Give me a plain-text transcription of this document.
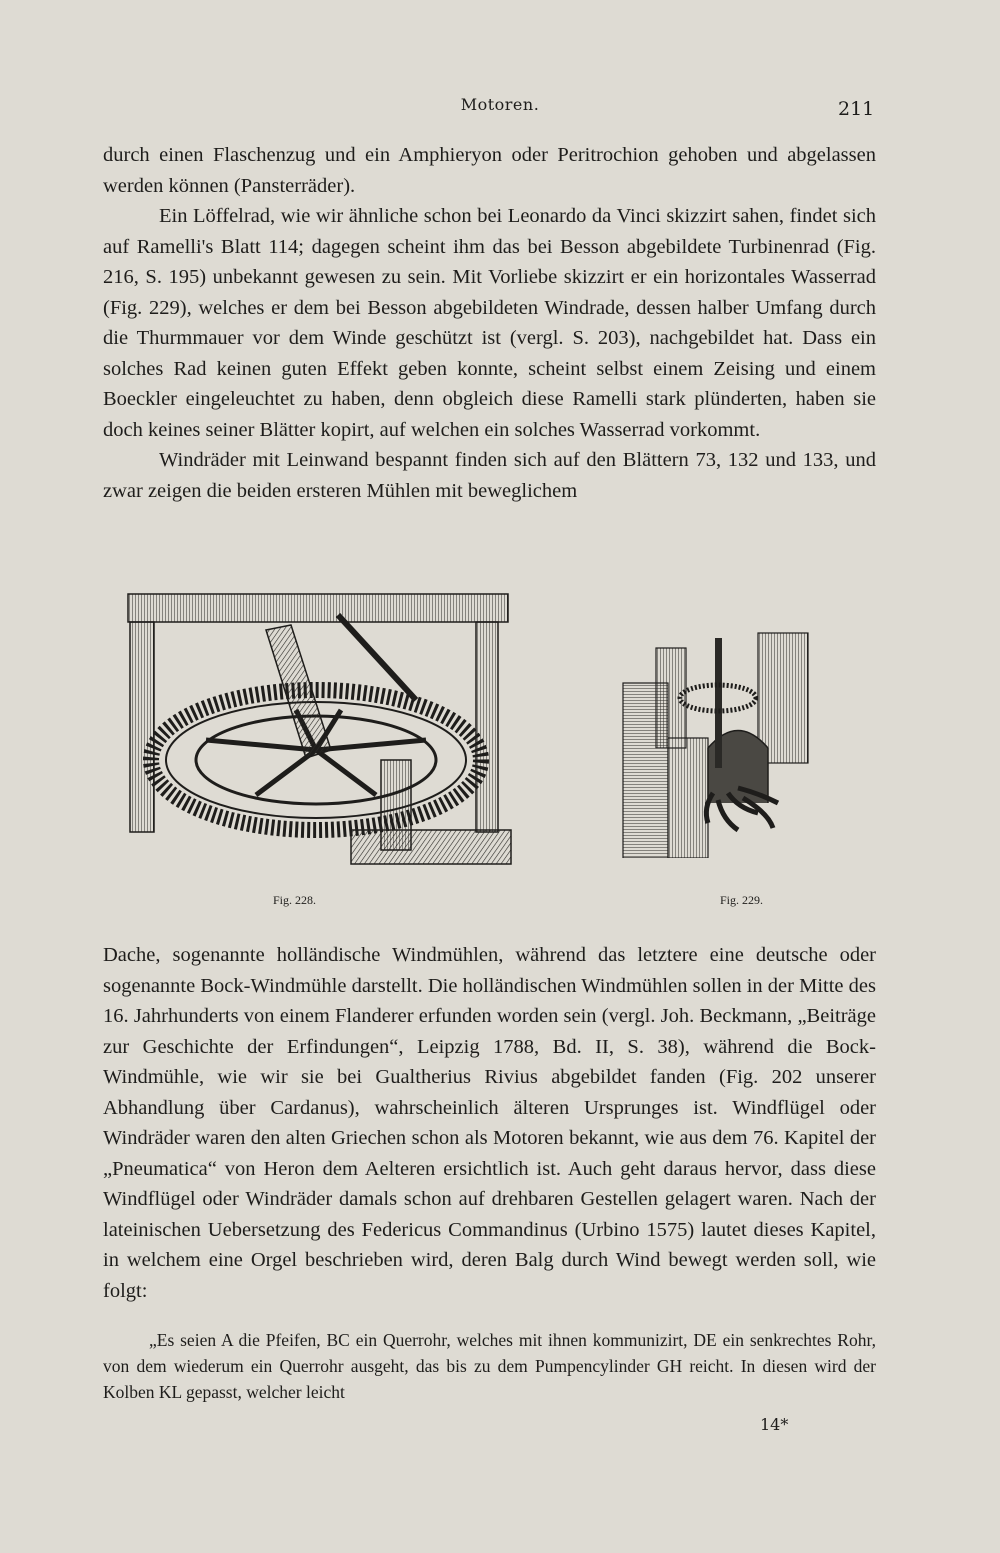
Motoren.	211

durch einen Flaschenzug und ein Amphieryon oder Peritrochion gehoben und abgelassen werden können (Pansterräder).

Ein Löffelrad, wie wir ähnliche schon bei Leonardo da Vinci skizzirt sahen, findet sich auf Ramelli's Blatt 114; dagegen scheint ihm das bei Besson abgebildete Turbinenrad (Fig. 216, S. 195) unbekannt gewesen zu sein. Mit Vorliebe skizzirt er ein horizontales Wasserrad (Fig. 229), welches er dem bei Besson abgebildeten Windrade, dessen halber Umfang durch die Thurmmauer vor dem Winde geschützt ist (vergl. S. 203), nachgebildet hat. Dass ein solches Rad keinen guten Effekt geben konnte, scheint selbst einem Zeising und einem Boeckler eingeleuchtet zu haben, denn obgleich diese Ramelli stark plünderten, haben sie doch keines seiner Blätter kopirt, auf welchen ein solches Wasserrad vorkommt.

Windräder mit Leinwand bespannt finden sich auf den Blättern 73, 132 und 133, und zwar zeigen die beiden ersteren Mühlen mit beweglichem

Fig. 228.	Fig. 229.

Dache, sogenannte holländische Windmühlen, während das letztere eine deutsche oder sogenannte Bock-Windmühle darstellt. Die holländischen Windmühlen sollen in der Mitte des 16. Jahrhunderts von einem Flanderer erfunden worden sein (vergl. Joh. Beckmann, „Beiträge zur Geschichte der Erfindungen“, Leipzig 1788, Bd. II, S. 38), während die Bock-Windmühle, wie wir sie bei Gualtherius Rivius abgebildet fanden (Fig. 202 unserer Abhandlung über Cardanus), wahrscheinlich älteren Ursprunges ist. Windflügel oder Windräder waren den alten Griechen schon als Motoren bekannt, wie aus dem 76. Kapitel der „Pneumatica“ von Heron dem Aelteren ersichtlich ist. Auch geht daraus hervor, dass diese Windflügel oder Windräder damals schon auf drehbaren Gestellen gelagert waren. Nach der lateinischen Uebersetzung des Federicus Commandinus (Urbino 1575) lautet dieses Kapitel, in welchem eine Orgel beschrieben wird, deren Balg durch Wind bewegt werden soll, wie folgt:

„Es seien A die Pfeifen, BC ein Querrohr, welches mit ihnen kommunizirt, DE ein senkrechtes Rohr, von dem wiederum ein Querrohr ausgeht, das bis zu dem Pumpencylinder GH reicht. In diesen wird der Kolben KL gepasst, welcher leicht

14*
